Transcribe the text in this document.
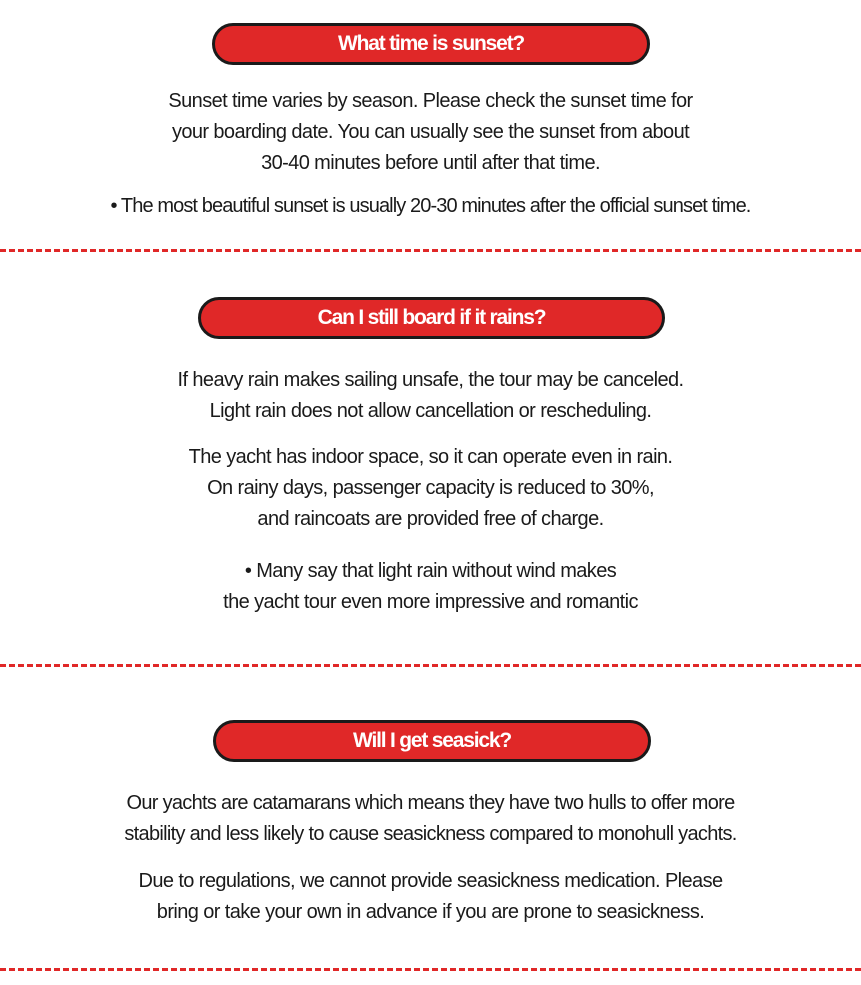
What time is sunset?

Sunset time varies by season. Please check the sunset time for
your boarding date. You can usually see the sunset from about
30-40 minutes before until after that time.

• The most beautiful sunset is usually 20-30 minutes after the official sunset time.

Can I still board if it rains?

If heavy rain makes sailing unsafe, the tour may be canceled.
Light rain does not allow cancellation or rescheduling.

The yacht has indoor space, so it can operate even in rain.
On rainy days, passenger capacity is reduced to 30%,
and raincoats are provided free of charge.

• Many say that light rain without wind makes
the yacht tour even more impressive and romantic

Will I get seasick?

Our yachts are catamarans which means they have two hulls to offer more
stability and less likely to cause seasickness compared to monohull yachts.

Due to regulations, we cannot provide seasickness medication. Please
bring or take your own in advance if you are prone to seasickness.
